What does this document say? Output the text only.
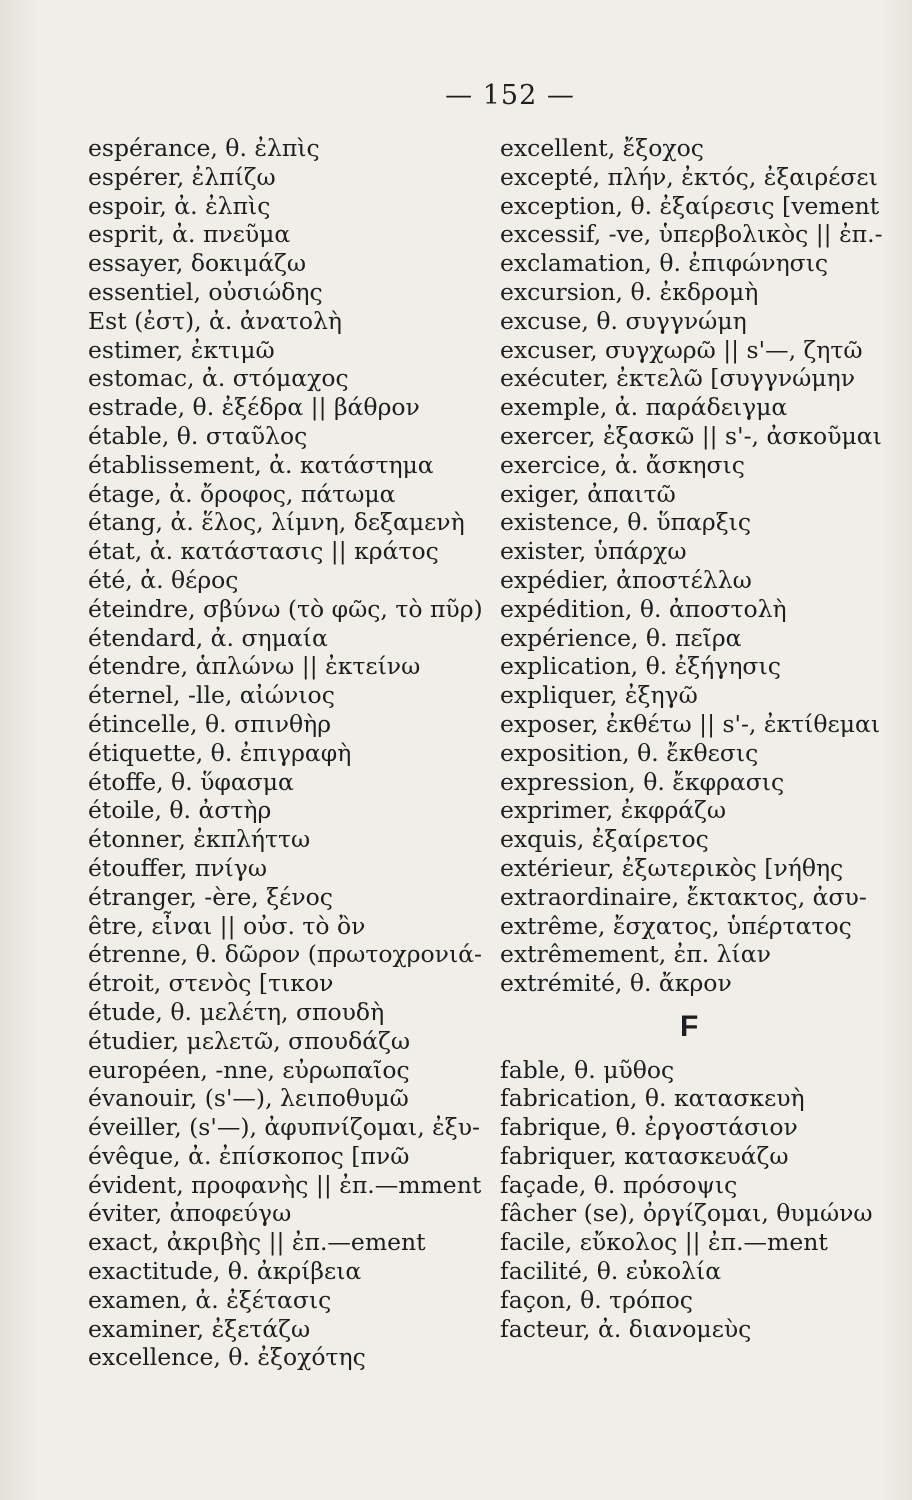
— 152 —
espérance, θ. ἐλπὶς
espérer, ἐλπίζω
espoir, ἀ. ἐλπὶς
esprit, ἀ. πνεῦμα
essayer, δοκιμάζω
essentiel, οὐσιώδης
Est (ἐστ), ἀ. ἀνατολὴ
estimer, ἐκτιμῶ
estomac, ἀ. στόμαχος
estrade, θ. ἐξέδρα || βάθρον
étable, θ. σταῦλος
établissement, ἀ. κατάστημα
étage, ἀ. ὄροφος, πάτωμα
étang, ἀ. ἕλος, λίμνη, δεξαμενὴ
état, ἀ. κατάστασις || κράτος
été, ἀ. θέρος
éteindre, σβύνω (τὸ φῶς, τὸ πῦρ)
étendard, ἀ. σημαία
étendre, ἁπλώνω || ἐκτείνω
éternel, -lle, αἰώνιος
étincelle, θ. σπινθὴρ
étiquette, θ. ἐπιγραφὴ
étoffe, θ. ὕφασμα
étoile, θ. ἀστὴρ
étonner, ἐκπλήττω
étouffer, πνίγω
étranger, -ère, ξένος
être, εἶναι || οὐσ. τὸ ὂν
étrenne, θ. δῶρον (πρωτοχρονιά-
étroit, στενὸς [τικον
étude, θ. μελέτη, σπουδὴ
étudier, μελετῶ, σπουδάζω
européen, -nne, εὐρωπαῖος
évanouir, (s'—), λειποθυμῶ
éveiller, (s'—), ἀφυπνίζομαι, ἐξυ-
évêque, ἀ. ἐπίσκοπος [πνῶ
évident, προφανὴς || ἐπ.—mment
éviter, ἀποφεύγω
exact, ἀκριβὴς || ἐπ.—ement
exactitude, θ. ἀκρίβεια
examen, ἀ. ἐξέτασις
examiner, ἐξετάζω
excellence, θ. ἐξοχότης
excellent, ἔξοχος
excepté, πλήν, ἐκτός, ἐξαιρέσει
exception, θ. ἐξαίρεσις [vement
excessif, -ve, ὑπερβολικὸς || ἐπ.-
exclamation, θ. ἐπιφώνησις
excursion, θ. ἐκδρομὴ
excuse, θ. συγγνώμη
excuser, συγχωρῶ || s'—, ζητῶ
exécuter, ἐκτελῶ [συγγνώμην
exemple, ἀ. παράδειγμα
exercer, ἐξασκῶ || s'-, ἀσκοῦμαι
exercice, ἀ. ἄσκησις
exiger, ἀπαιτῶ
existence, θ. ὕπαρξις
exister, ὑπάρχω
expédier, ἀποστέλλω
expédition, θ. ἀποστολὴ
expérience, θ. πεῖρα
explication, θ. ἐξήγησις
expliquer, ἐξηγῶ
exposer, ἐκθέτω || s'-, ἐκτίθεμαι
exposition, θ. ἔκθεσις
expression, θ. ἔκφρασις
exprimer, ἐκφράζω
exquis, ἐξαίρετος
extérieur, ἐξωτερικὸς [νήθης
extraordinaire, ἔκτακτος, ἀσυ-
extrême, ἔσχατος, ὑπέρτατος
extrêmement, ἐπ. λίαν
extrémité, θ. ἄκρον
F
fable, θ. μῦθος
fabrication, θ. κατασκευὴ
fabrique, θ. ἐργοστάσιον
fabriquer, κατασκευάζω
façade, θ. πρόσοψις
fâcher (se), ὀργίζομαι, θυμώνω
facile, εὔκολος || ἐπ.—ment
facilité, θ. εὐκολία
façon, θ. τρόπος
facteur, ἀ. διανομεὺς
